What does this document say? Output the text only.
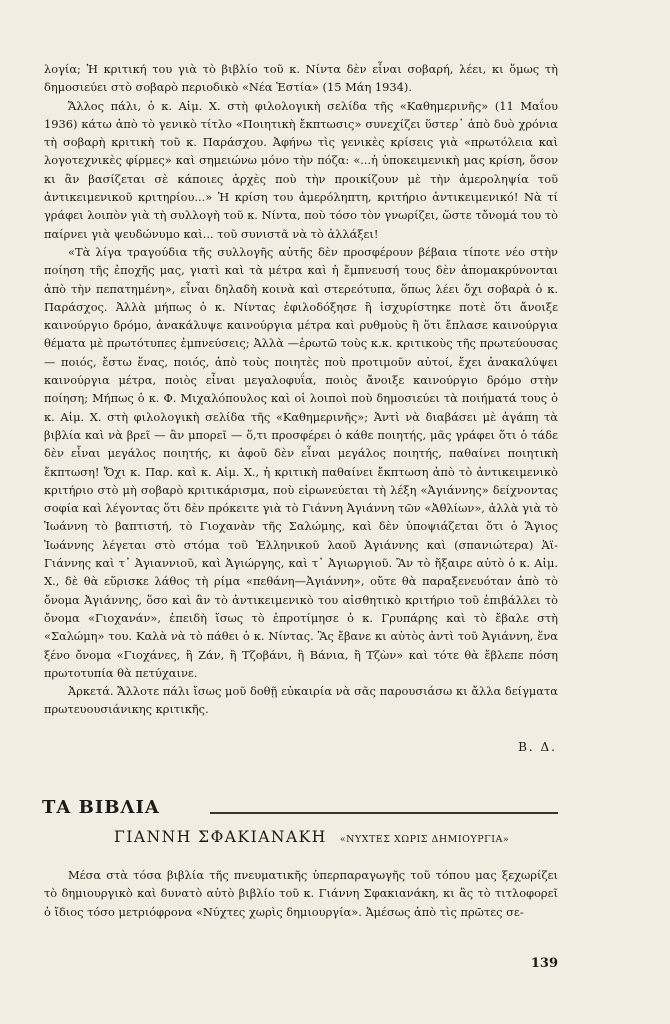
λογία; Ἡ κριτική του γιὰ τὸ βιβλίο τοῦ κ. Νίντα δὲν εἶναι σοβαρή, λέει, κι ὅμως τὴ δημοσιεύει στὸ σοβαρὸ περιοδικὸ «Νέα Ἑστία» (15 Μάη 1934).

Ἄλλος πάλι, ὁ κ. Αἰμ. Χ. στὴ φιλολογικὴ σελίδα τῆς «Καθημερινῆς» (11 Μαΐου 1936) κάτω ἀπὸ τὸ γενικὸ τίτλο «Ποιητικὴ ἔκπτωσις» συνεχίζει ὕστερ᾽ ἀπὸ δυὸ χρόνια τὴ σοβαρὴ κριτικὴ τοῦ κ. Παράσχου. Ἀφήνω τὶς γενικὲς κρίσεις γιὰ «πρωτόλεια καὶ λογοτεχνικὲς φίρμες» καὶ σημειώνω μόνο τὴν πόζα: «...ἡ ὑποκειμενικὴ μας κρίση, ὅσον κι ἂν βασίζεται σὲ κάποιες ἀρχὲς ποὺ τὴν προικίζουν μὲ τὴν ἀμεροληψία τοῦ ἀντικειμενικοῦ κριτηρίου...» Ἡ κρίση του ἀμερόληπτη, κριτήριο ἀντικειμενικό! Νὰ τί γράφει λοιπὸν γιὰ τὴ συλλογὴ τοῦ κ. Νίντα, ποὺ τόσο τὸν γνωρίζει, ὥστε τὄνομά του τὸ παίρνει γιὰ ψευδώνυμο καὶ... τοῦ συνιστᾶ νὰ τὸ ἀλλάξει!

«Τὰ λίγα τραγούδια τῆς συλλογῆς αὐτῆς δὲν προσφέρουν βέβαια τίποτε νέο στὴν ποίηση τῆς ἐποχῆς μας, γιατὶ καὶ τὰ μέτρα καὶ ἡ ἔμπνευσή τους δὲν ἀπομακρύνονται ἀπὸ τὴν πεπατημένη», εἶναι δηλαδὴ κοινὰ καὶ στερεότυπα, ὅπως λέει ὄχι σοβαρὰ ὁ κ. Παράσχος. Ἀλλὰ μήπως ὁ κ. Νίντας ἐφιλοδόξησε ἢ ἰσχυρίστηκε ποτὲ ὅτι ἄνοιξε καινούργιο δρόμο, ἀνακάλυψε καινούργια μέτρα καὶ ρυθμοὺς ἢ ὅτι ἔπλασε καινούργια θέματα μὲ πρωτότυπες ἐμπνεύσεις; Ἀλλὰ —ἐρωτῶ τοὺς κ.κ. κριτικοὺς τῆς πρωτεύουσας— ποιός, ἔστω ἕνας, ποιός, ἀπὸ τοὺς ποιητὲς ποὺ προτιμοῦν αὐτοί, ἔχει ἀνακαλύψει καινούργια μέτρα, ποιὸς εἶναι μεγαλοφυΐα, ποιὸς ἄνοιξε καινούργιο δρόμο στὴν ποίηση; Μήπως ὁ κ. Φ. Μιχαλόπουλος καὶ οἱ λοιποὶ ποὺ δημοσιεύει τὰ ποιήματά τους ὁ κ. Αἰμ. Χ. στὴ φιλολογικὴ σελίδα τῆς «Καθημερινῆς»; Ἀντὶ νὰ διαβάσει μὲ ἀγάπη τὰ βιβλία καὶ νὰ βρεῖ — ἂν μπορεῖ — ὅ,τι προσφέρει ὁ κάθε ποιητής, μᾶς γράφει ὅτι ὁ τάδε δὲν εἶναι μεγάλος ποιητής, κι ἀφοῦ δὲν εἶναι μεγάλος ποιητής, παθαίνει ποιητικὴ ἔκπτωση! Ὄχι κ. Παρ. καὶ κ. Αἰμ. Χ., ἡ κριτικὴ παθαίνει ἔκπτωση ἀπὸ τὸ ἀντικειμενικὸ κριτήριο στὸ μὴ σοβαρὸ κριτικάρισμα, ποὺ εἰρωνεύεται τὴ λέξη «Ἀγιάννης» δείχνοντας σοφία καὶ λέγοντας ὅτι δὲν πρόκειτε γιὰ τὸ Γιάννη Ἀγιάννη τῶν «Ἀθλίων», ἀλλὰ γιὰ τὸ Ἰωάννη τὸ βαπτιστή, τὸ Γιοχανὰν τῆς Σαλώμης, καὶ δὲν ὑποψιάζεται ὅτι ὁ Ἅγιος Ἰωάννης λέγεται στὸ στόμα τοῦ Ἑλληνικοῦ λαοῦ Ἀγιάννης καὶ (σπανιώτερα) Ἁϊ-Γιάννης καὶ τ᾽ Ἀγιαννιοῦ, καὶ Ἀγιώργης, καὶ τ᾽ Ἀγιωργιοῦ. Ἂν τὸ ἤξαιρε αὐτὸ ὁ κ. Αἰμ. Χ., δὲ θὰ εὕρισκε λάθος τὴ ρίμα «πεθάνη—Ἀγιάννη», οὔτε θὰ παραξενευόταν ἀπὸ τὸ ὄνομα Ἀγιάννης, ὅσο καὶ ἂν τὸ ἀντικειμενικὸ του αἰσθητικὸ κριτήριο τοῦ ἐπιβάλλει τὸ ὄνομα «Γιοχανάν», ἐπειδὴ ἴσως τὸ ἐπροτίμησε ὁ κ. Γρυπάρης καὶ τὸ ἔβαλε στὴ «Σαλώμη» του. Καλὰ νὰ τὸ πάθει ὁ κ. Νίντας. Ἂς ἔβανε κι αὐτὸς ἀντὶ τοῦ Ἀγιάννη, ἕνα ξένο ὄνομα «Γιοχάνες, ἢ Ζάν, ἢ Τζοβάνι, ἢ Βάνια, ἢ Τζὼν» καὶ τότε θὰ ἔβλεπε πόση πρωτοτυπία θὰ πετύχαινε.

Ἀρκετά. Ἄλλοτε πάλι ἴσως μοῦ δοθῇ εὐκαιρία νὰ σᾶς παρουσιάσω κι ἄλλα δείγματα πρωτευουσιάνικης κριτικῆς.

Β. Δ.
ΤΑ ΒΙΒΛΙΑ
ΓΙΑΝΝΗ ΣΦΑΚΙΑΝΑΚΗ «ΝΥΧΤΕΣ ΧΩΡΙΣ ΔΗΜΙΟΥΡΓΙΑ»

Μέσα στὰ τόσα βιβλία τῆς πνευματικῆς ὑπερπαραγωγῆς τοῦ τόπου μας ξεχωρίζει τὸ δημιουργικὸ καὶ δυνατὸ αὐτὸ βιβλίο τοῦ κ. Γιάννη Σφακιανάκη, κι ἂς τὸ τιτλοφορεῖ ὁ ἴδιος τόσο μετριόφρονα «Νύχτες χωρὶς δημιουργία». Ἀμέσως ἀπὸ τὶς πρῶτες σε-

139
